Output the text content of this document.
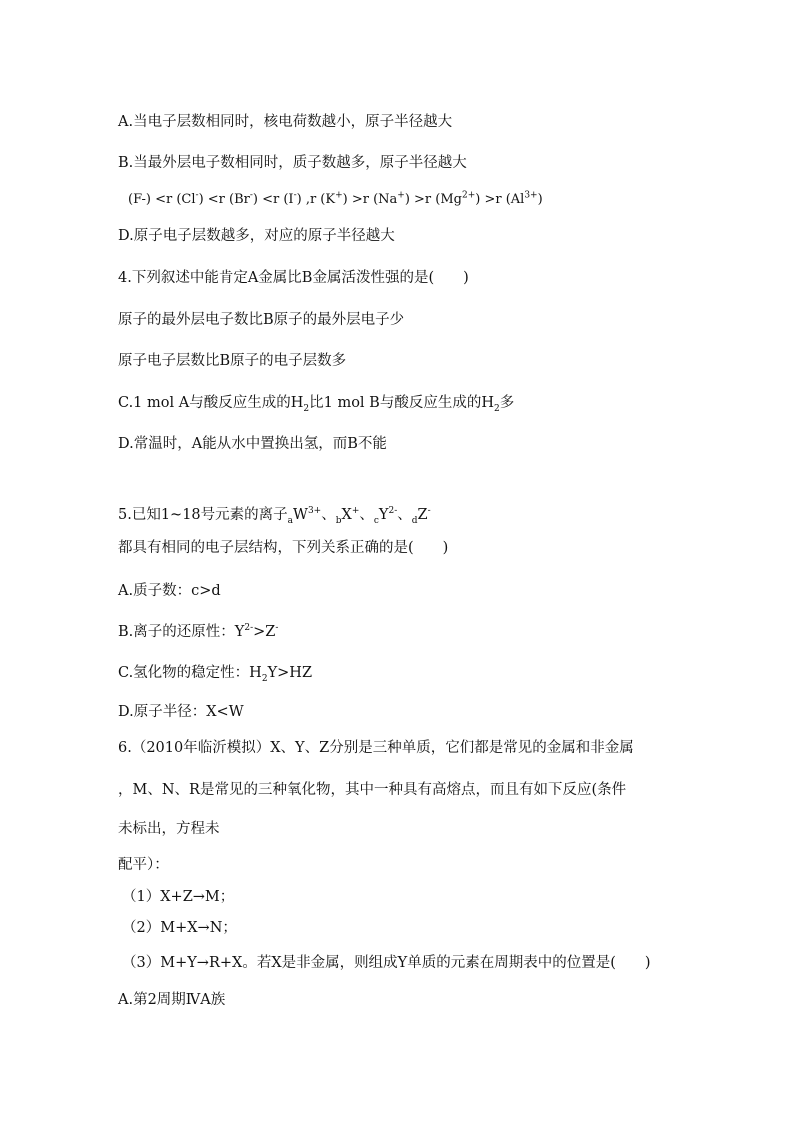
A.当电子层数相同时，核电荷数越小，原子半径越大
B.当最外层电子数相同时，质子数越多，原子半径越大
(F-) <r (Cl-) <r (Br-) <r (I-) ,r (K+) >r (Na+) >r $(Mg^{2+}) >r$ $(Al^{3+})$
D.原子电子层数越多，对应的原子半径越大
4.下列叙述中能肯定A金属比B金属活泼性强的是(　　)
原子的最外层电子数比B原子的最外层电子少
原子电子层数比B原子的电子层数多
C.1 mol A与酸反应生成的$H_2$比1 mol B与酸反应生成的$H_2$多
D.常温时，A能从水中置换出氢，而B不能
5.已知1~18号元素的离子$_aW^{3+}$、$_b$X+、$_cY^{2-}$、$_d$Z-
都具有相同的电子层结构，下列关系正确的是(　　)
A.质子数：c>d
B.离子的还原性：$Y^{2-}>Z^-$
C.氢化物的稳定性：$H_2Y>HZ$
D.原子半径：X<W
6.（2010年临沂模拟）X、Y、Z分别是三种单质，它们都是常见的金属和非金属
，M、N、R是常见的三种氧化物，其中一种具有高熔点，而且有如下反应(条件
未标出，方程未
配平）：
（1）X+Z→M；
（2）M+X→N；
（3）M+Y→R+X。若X是非金属，则组成Y单质的元素在周期表中的位置是(　　)
A.第2周期ⅣA族
